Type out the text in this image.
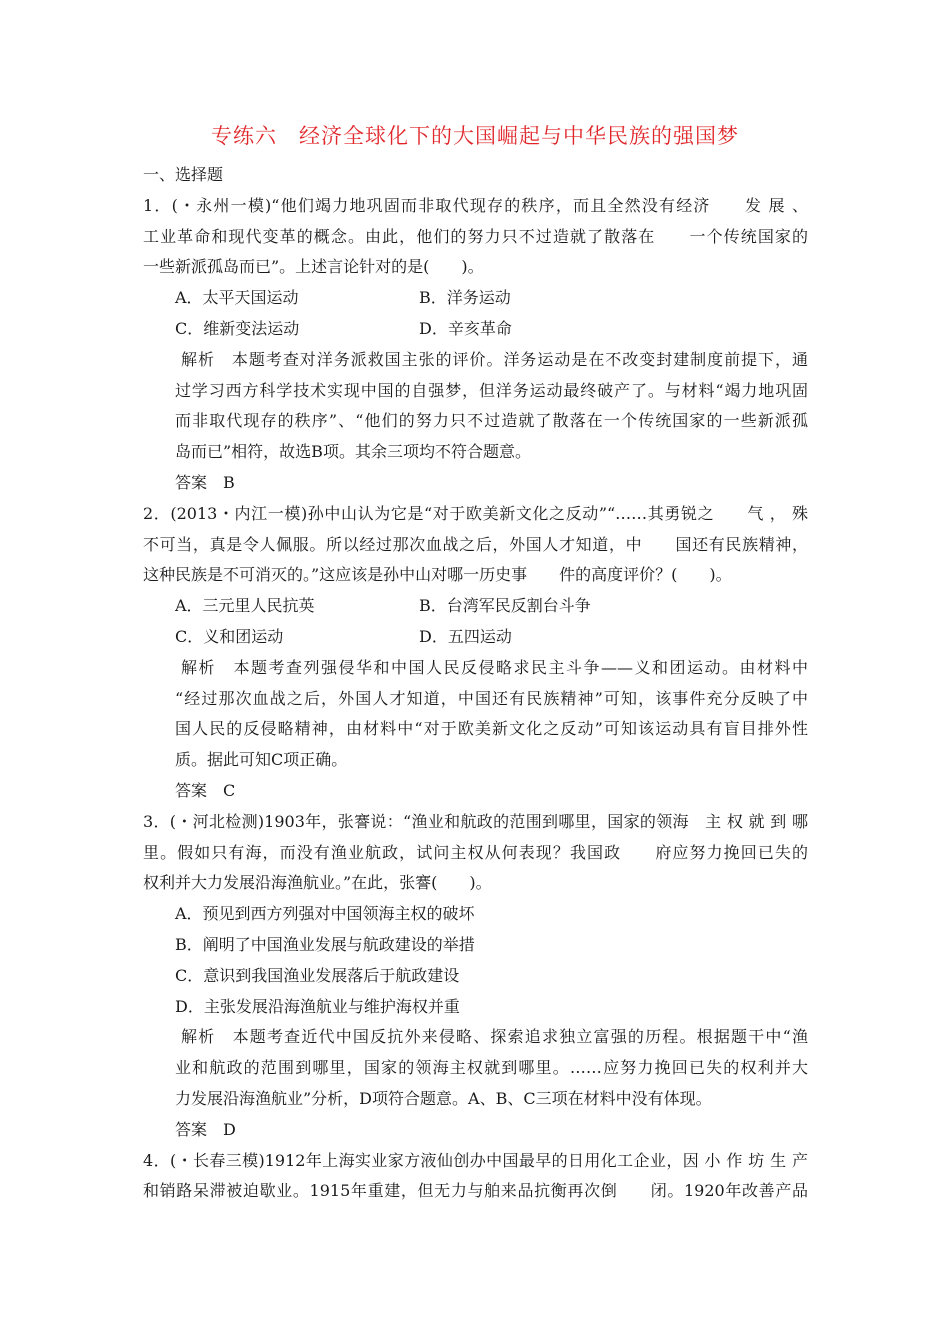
专练六　经济全球化下的大国崛起与中华民族的强国梦
一、选择题
1．(・永州一模)“他们竭力地巩固而非取代现存的秩序，而且全然没有经济　　发 展 、
工业革命和现代变革的概念。由此，他们的努力只不过造就了散落在　　一个传统国家的
一些新派孤岛而已”。上述言论针对的是(　　)。
A．太平天国运动	B．洋务运动
C．维新变法运动	D．辛亥革命
解析　本题考查对洋务派救国主张的评价。洋务运动是在不改变封建制度前提下，通
过学习西方科学技术实现中国的自强梦，但洋务运动最终破产了。与材料“竭力地巩固
而非取代现存的秩序”、“他们的努力只不过造就了散落在一个传统国家的一些新派孤
岛而已”相符，故选B项。其余三项均不符合题意。
答案　B
2．(2013・内江一模)孙中山认为它是“对于欧美新文化之反动”“……其勇锐之　　气 ， 殊
不可当，真是令人佩服。所以经过那次血战之后，外国人才知道，中　　国还有民族精神，
这种民族是不可消灭的。”这应该是孙中山对哪一历史事　　件的高度评价？(　　)。
A．三元里人民抗英	B．台湾军民反割台斗争
C．义和团运动	D．五四运动
解析　本题考查列强侵华和中国人民反侵略求民主斗争——义和团运动。由材料中
“经过那次血战之后，外国人才知道，中国还有民族精神”可知，该事件充分反映了中
国人民的反侵略精神，由材料中“对于欧美新文化之反动”可知该运动具有盲目排外性
质。据此可知C项正确。
答案　C
3．(・河北检测)1903年，张謇说：“渔业和航政的范围到哪里，国家的领海　主 权 就 到 哪
里。假如只有海，而没有渔业航政，试问主权从何表现？我国政　　府应努力挽回已失的
权利并大力发展沿海渔航业。”在此，张謇(　　)。
A．预见到西方列强对中国领海主权的破坏
B．阐明了中国渔业发展与航政建设的举措
C．意识到我国渔业发展落后于航政建设
D．主张发展沿海渔航业与维护海权并重
解析　本题考查近代中国反抗外来侵略、探索追求独立富强的历程。根据题干中“渔
业和航政的范围到哪里，国家的领海主权就到哪里。……应努力挽回已失的权利并大
力发展沿海渔航业”分析，D项符合题意。A、B、C三项在材料中没有体现。
答案　D
4．(・长春三模)1912年上海实业家方液仙创办中国最早的日用化工企业，因 小 作 坊 生 产
和销路呆滞被迫歇业。1915年重建，但无力与舶来品抗衡再次倒　　闭。1920年改善产品
